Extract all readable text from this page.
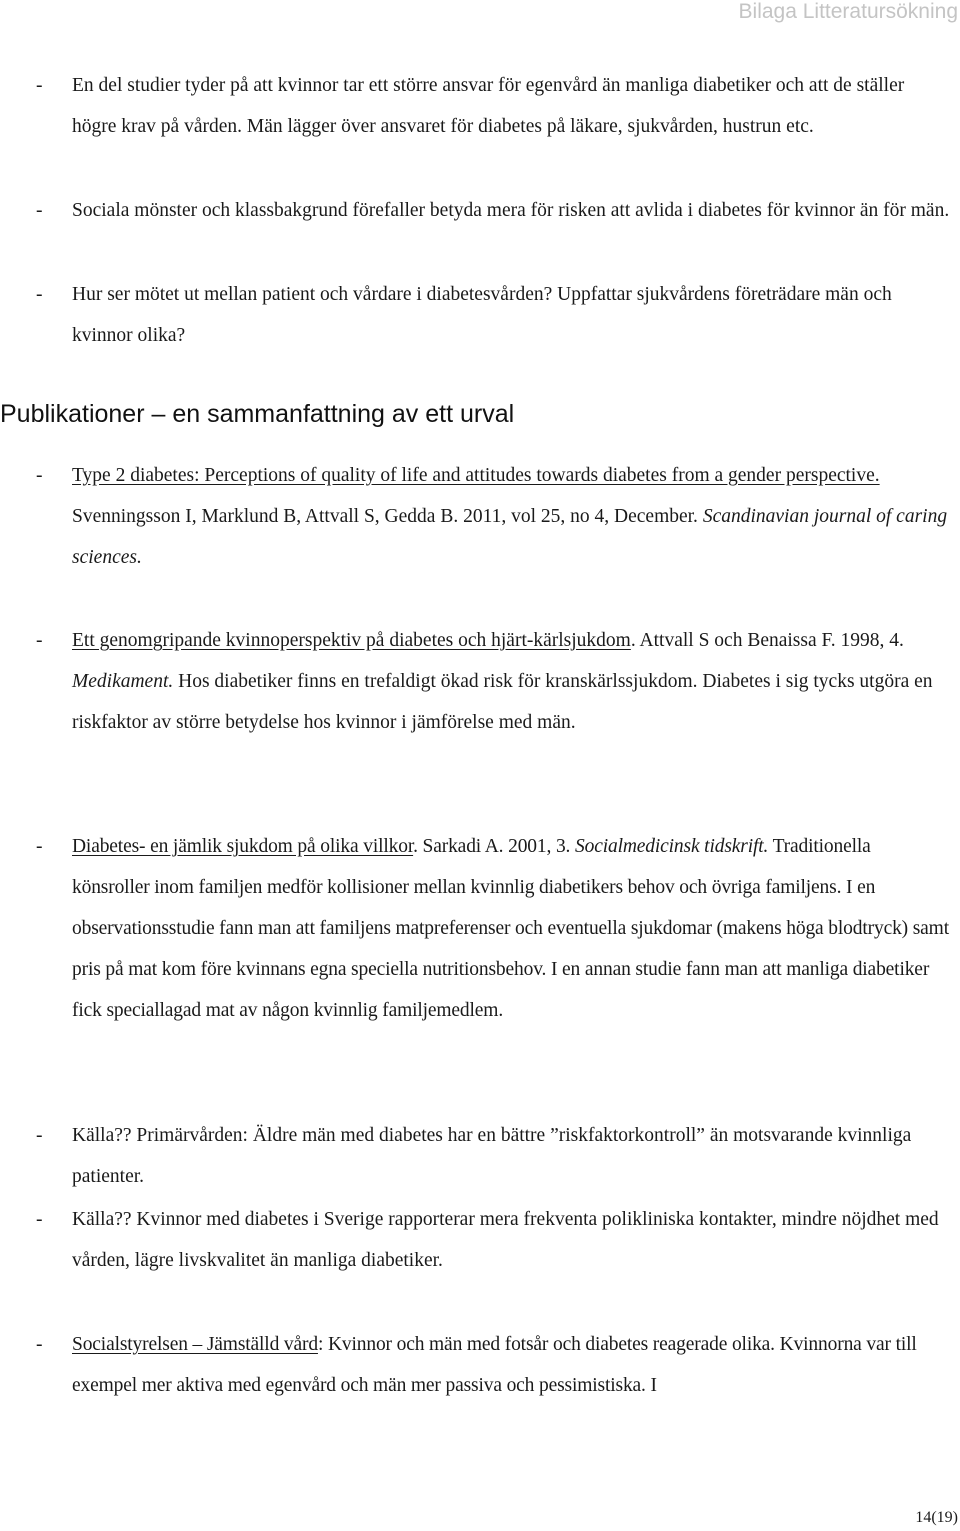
Bilaga Litteratursökning
- En del studier tyder på att kvinnor tar ett större ansvar för egenvård än manliga diabetiker och att de ställer högre krav på vården. Män lägger över ansvaret för diabetes på läkare, sjukvården, hustrun etc.
- Sociala mönster och klassbakgrund förefaller betyda mera för risken att avlida i diabetes för kvinnor än för män.
- Hur ser mötet ut mellan patient och vårdare i diabetesvården? Uppfattar sjukvårdens företrädare män och kvinnor olika?
Publikationer – en sammanfattning av ett urval
- Type 2 diabetes: Perceptions of quality of life and attitudes towards diabetes from a gender perspective. Svenningsson I, Marklund B, Attvall S, Gedda B. 2011, vol 25, no 4, December. Scandinavian journal of caring sciences.
- Ett genomgripande kvinnoperspektiv på diabetes och hjärt-kärlsjukdom. Attvall S och Benaissa F. 1998, 4. Medikament. Hos diabetiker finns en trefaldigt ökad risk för kranskärlssjukdom. Diabetes i sig tycks utgöra en riskfaktor av större betydelse hos kvinnor i jämförelse med män.
- Diabetes- en jämlik sjukdom på olika villkor. Sarkadi A. 2001, 3. Socialmedicinsk tidskrift. Traditionella könsroller inom familjen medför kollisioner mellan kvinnlig diabetikers behov och övriga familjens. I en observationsstudie fann man att familjens matpreferenser och eventuella sjukdomar (makens höga blodtryck) samt pris på mat kom före kvinnans egna speciella nutritionsbehov. I en annan studie fann man att manliga diabetiker fick speciallagad mat av någon kvinnlig familjemedlem.
- Källa?? Primärvården: Äldre män med diabetes har en bättre ”riskfaktorkontroll” än motsvarande kvinnliga patienter.
- Källa?? Kvinnor med diabetes i Sverige rapporterar mera frekventa polikliniska kontakter, mindre nöjdhet med vården, lägre livskvalitet än manliga diabetiker.
- Socialstyrelsen – Jämställd vård: Kvinnor och män med fotsår och diabetes reagerade olika. Kvinnorna var till exempel mer aktiva med egenvård och män mer passiva och pessimistiska. I
14(19)
